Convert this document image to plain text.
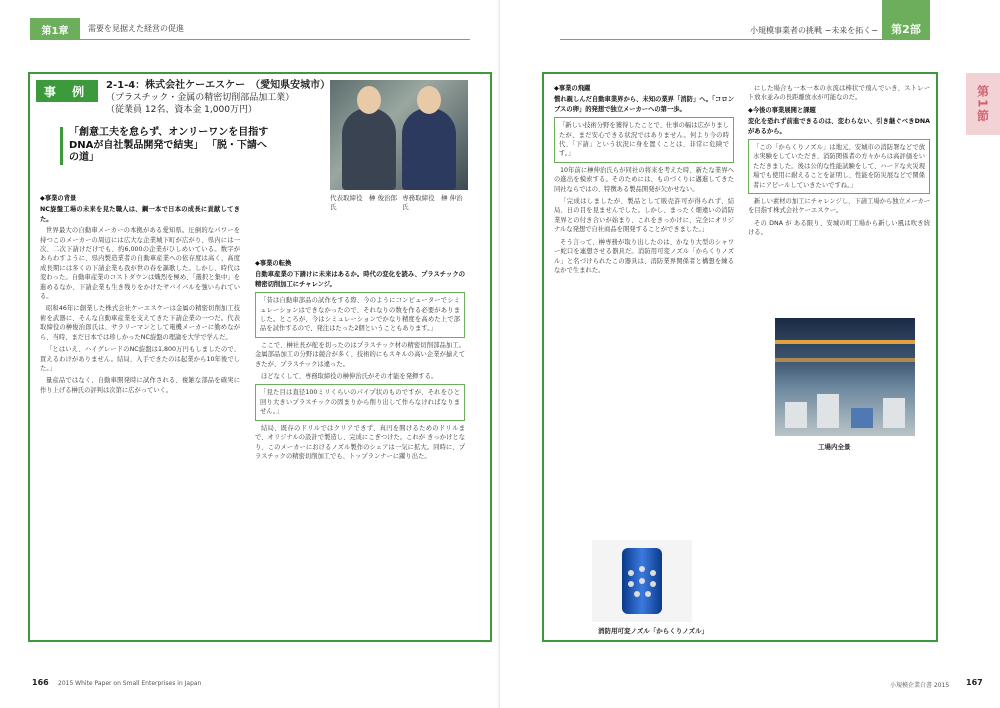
第1章	需要を見据えた経営の促進
事 例	2-1-4：株式会社ケーエスケー　（愛知県安城市）
（プラスチック・金属の精密切削部品加工業）
（従業員 12名、資本金 1,000万円）
代表取締役　榊 俊治郎 氏
専務取締役　榊 伸治 氏
「創意工夫を怠らず、オンリーワンを目指す DNAが自社製品開発で結実」 「脱・下請への道」

◆事業の背景

NC旋盤工場の未来を見た職人は、鋼一本で日本の成長に貢献してきた。

世界最大の自動車メーカーの本拠がある愛知県。圧倒的なパワーを持つこのメーカーの周辺には広大な企業城下町が広がり、県内には一次、二次下請けだけでも、約6,000の企業がひしめいている。数字があらわすように、県内製造業者の自動車産業への依存度は高く、高度成長期には多くの下請企業も我が世の春を謳歌した。しかし、時代は変わった。自動車産業のコストダウンは熾烈を極め、「選択と集中」を進めるなか、下請企業も生き残りをかけたサバイバルを強いられている。

昭和46年に創業した株式会社ケーエスケーは金属の精密切削加工技術を武器に、そんな自動車産業を支えてきた下請企業の一つだ。代表取締役の榊俊治郎氏は、サラリーマンとして電機メーカーに勤めながら、当時、まだ日本では珍しかったNC旋盤の理論を大学で学んだ。

「とはいえ、ハイグレードのNC旋盤は1,800万円もしましたので、買えるわけがありません。結局、入手できたのは起業から10年後でした。」

量産品ではなく、自動車開発時に試作される、複雑な部品を確実に作り上げる榊氏の評判は次第に広がっていく。

◆事業の転換

自動車産業の下請けに未来はあるか。時代の変化を読み、プラスチックの精密切削加工にチャレンジ。

「昔は自動車部品の試作をする際、今のようにコンピューターでシミュレーションはできなかったので、それなりの数を作る必要がありました。ところが、今はシミュレーションでかなり精度を高めた上で部品を試作するので、発注はたった2個ということもあります。」

ここで、榊社長が舵を切ったのはプラスチック材の精密切削部品加工。金属部品加工の分野は競合が多く、技術的にもスキルの高い企業が揃えてきたが、プラスチックは違った。

ほどなくして、専務取締役の榊伸治氏がその才能を発揮する。

「見た目は直径100ミリくらいのパイプ状のものですが、それをひと回り大きいプラスチックの固まりから削り出して作らなければなりません。」

結局、既存のドリルではクリアできず、真円を開けるためのドリルまで、オリジナルの設計で製造し、完成にこぎつけた。これが きっかけとなり、このメーカーにおけるノズル製作のシェアは一気に拡大。同時に、プラスチックの精密切削加工でも、トップランナーに躍り出た。

166 2015 White Paper on Small Enterprises in Japan
小規模事業者の挑戦 −未来を拓く−	第2部
第1節

◆事業の飛躍

慣れ親しんだ自動車業界から、未知の業界「消防」へ。「コロンブスの卵」的発想で独立メーカーへの第一歩。

「新しい技術分野を獲得したことで、仕事の幅は広がりましたが、まだ安心できる状況ではありません。何より今の時代、「下請」という状況に身を置くことは、非常に危険です。」

10年前に榊伸治氏らが同社の将来を考えた時、新たな業界への進出を模索する。そのためには、ものづくりに邁進してきた同社ならではの、特徴ある製品開発が欠かせない。

「完成はしましたが、製品として販売許可が得られず、結局、日の目を見ませんでした。しかし、まったく畑違いの消防業界との付き合いが始まり、これをきっかけに、完全にオリジナルな発想で自社商品を開発することができました。」

そう言って、榊専務が取り出したのは、かなり大型のシャワー蛇口を連想させる器具だ。消防用可変ノズル「からくりノズル」と名づけられたこの器具は、消防業界関係者と構想を練るなかで生まれた。

にした場合も一本一本の水流は棒状で飛んでいき、ストレート放水並みの長距離放水が可能なのだ。

◆今後の事業展開と課題

変化を恐れず前進できるのは、変わらない、引き継ぐべきDNAがあるから。

「この「からくりノズル」は地元、安城市の消防署などで放水実験をしていただき、消防関係者の方々からは高評価をいただきました。後は公的な性能試験をして、ハードな火災現場でも使用に耐えることを証明し、性能を防災展などで関係者にアピールしていきたいですね。」

新しい素材の加工にチャレンジし、下請工場から独立メーカーを目指す株式会社ケーエスケー。

その DNA が ある限り、安城の町工場から新しい風は吹き続ける。

小規模企業白書 2015 167
工場内全景
消防用可変ノズル「からくりノズル」
